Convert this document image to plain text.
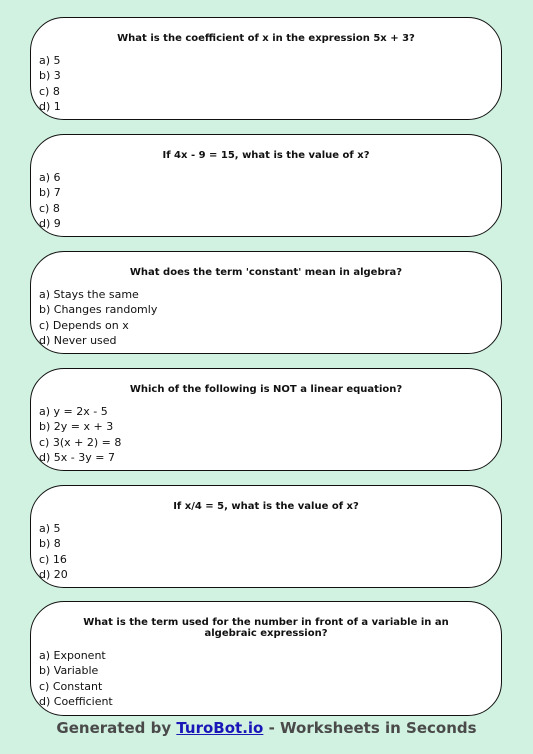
What is the coefficient of x in the expression 5x + 3?
a) 5
b) 3
c) 8
d) 1
If 4x - 9 = 15, what is the value of x?
a) 6
b) 7
c) 8
d) 9
What does the term 'constant' mean in algebra?
a) Stays the same
b) Changes randomly
c) Depends on x
d) Never used
Which of the following is NOT a linear equation?
a) y = 2x - 5
b) 2y = x + 3
c) 3(x + 2) = 8
d) 5x - 3y = 7
If x/4 = 5, what is the value of x?
a) 5
b) 8
c) 16
d) 20
What is the term used for the number in front of a variable in an algebraic expression?
a) Exponent
b) Variable
c) Constant
d) Coefficient
Generated by TuroBot.io - Worksheets in Seconds
